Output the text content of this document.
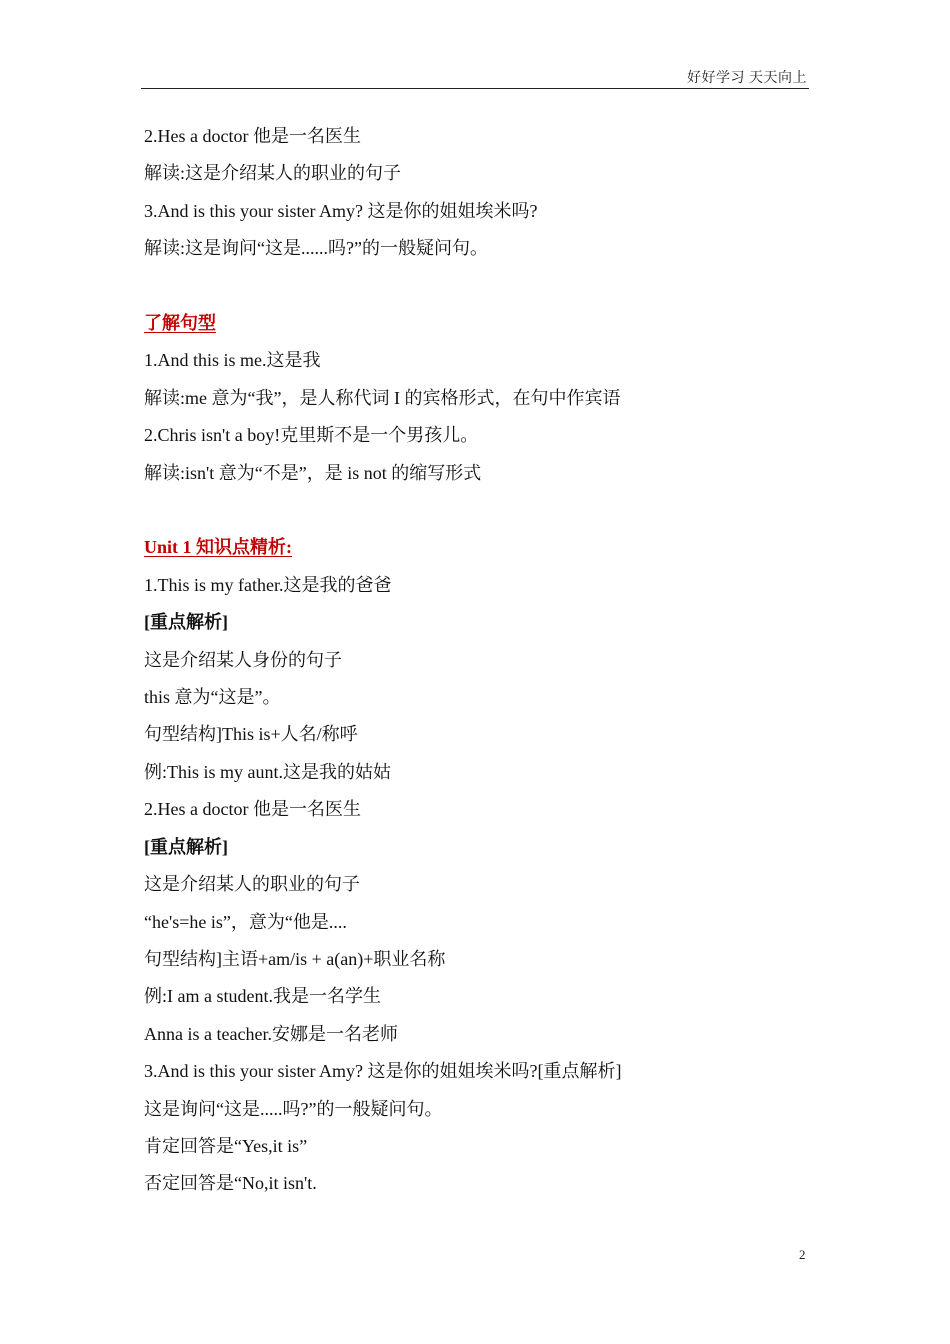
好好学习 天天向上
2.Hes a doctor 他是一名医生
解读:这是介绍某人的职业的句子
3.And is this your sister Amy? 这是你的姐姐埃米吗?
解读:这是询问“这是......吗?”的一般疑问句。
了解句型
1.And this is me.这是我
解读:me 意为“我”，是人称代词 I 的宾格形式，在句中作宾语
2.Chris isn't a boy!克里斯不是一个男孩儿。
解读:isn't 意为“不是”，是 is not 的缩写形式
Unit 1 知识点精析:
1.This is my father.这是我的爸爸
[重点解析]
这是介绍某人身份的句子
this 意为“这是”。
句型结构]This is+人名/称呼
例:This is my aunt.这是我的姑姑
2.Hes a doctor 他是一名医生
[重点解析]
这是介绍某人的职业的句子
“he's=he is”，意为“他是....
句型结构]主语+am/is + a(an)+职业名称
例:I am a student.我是一名学生
Anna is a teacher.安娜是一名老师
3.And is this your sister Amy? 这是你的姐姐埃米吗?[重点解析]
这是询问“这是.....吗?”的一般疑问句。
肯定回答是“Yes,it is”
否定回答是“No,it isn't.
2
